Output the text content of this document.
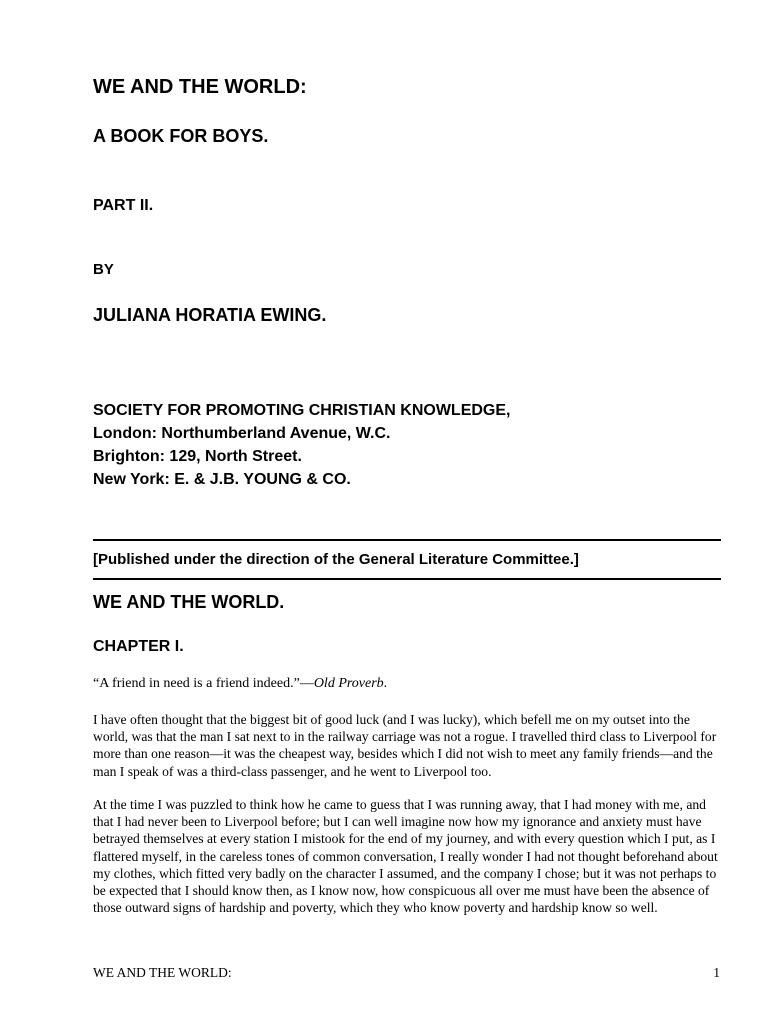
WE AND THE WORLD:
A BOOK FOR BOYS.
PART II.
BY
JULIANA HORATIA EWING.
SOCIETY FOR PROMOTING CHRISTIAN KNOWLEDGE,
London: Northumberland Avenue, W.C.
Brighton: 129, North Street.
New York: E. & J.B. YOUNG & CO.
[Published under the direction of the General Literature Committee.]
WE AND THE WORLD.
CHAPTER I.

“A friend in need is a friend indeed.”—Old Proverb.

I have often thought that the biggest bit of good luck (and I was lucky), which befell me on my outset into the world, was that the man I sat next to in the railway carriage was not a rogue. I travelled third class to Liverpool for more than one reason—it was the cheapest way, besides which I did not wish to meet any family friends—and the man I speak of was a third-class passenger, and he went to Liverpool too.

At the time I was puzzled to think how he came to guess that I was running away, that I had money with me, and that I had never been to Liverpool before; but I can well imagine now how my ignorance and anxiety must have betrayed themselves at every station I mistook for the end of my journey, and with every question which I put, as I flattered myself, in the careless tones of common conversation, I really wonder I had not thought beforehand about my clothes, which fitted very badly on the character I assumed, and the company I chose; but it was not perhaps to be expected that I should know then, as I know now, how conspicuous all over me must have been the absence of those outward signs of hardship and poverty, which they who know poverty and hardship know so well.

WE AND THE WORLD:	1
